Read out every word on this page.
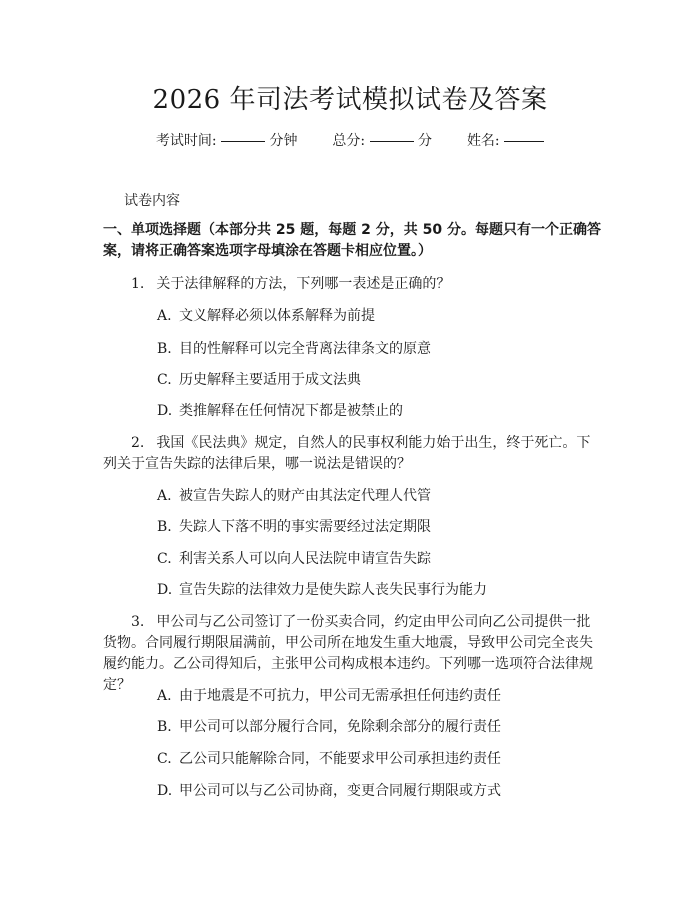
2026 年司法考试模拟试卷及答案
考试时间:	分钟 总分:	分 姓名:
试卷内容
一、单项选择题（本部分共 25 题，每题 2 分，共 50 分。每题只有一个正确答案，请将正确答案选项字母填涂在答题卡相应位置。）
1. 关于法律解释的方法，下列哪一表述是正确的？
A. 文义解释必须以体系解释为前提
B. 目的性解释可以完全背离法律条文的原意
C. 历史解释主要适用于成文法典
D. 类推解释在任何情况下都是被禁止的
2. 我国《民法典》规定，自然人的民事权利能力始于出生，终于死亡。下列关于宣告失踪的法律后果，哪一说法是错误的？
A. 被宣告失踪人的财产由其法定代理人代管
B. 失踪人下落不明的事实需要经过法定期限
C. 利害关系人可以向人民法院申请宣告失踪
D. 宣告失踪的法律效力是使失踪人丧失民事行为能力
3. 甲公司与乙公司签订了一份买卖合同，约定由甲公司向乙公司提供一批货物。合同履行期限届满前，甲公司所在地发生重大地震，导致甲公司完全丧失履约能力。乙公司得知后，主张甲公司构成根本违约。下列哪一选项符合法律规定？
A. 由于地震是不可抗力，甲公司无需承担任何违约责任
B. 甲公司可以部分履行合同，免除剩余部分的履行责任
C. 乙公司只能解除合同，不能要求甲公司承担违约责任
D. 甲公司可以与乙公司协商，变更合同履行期限或方式
